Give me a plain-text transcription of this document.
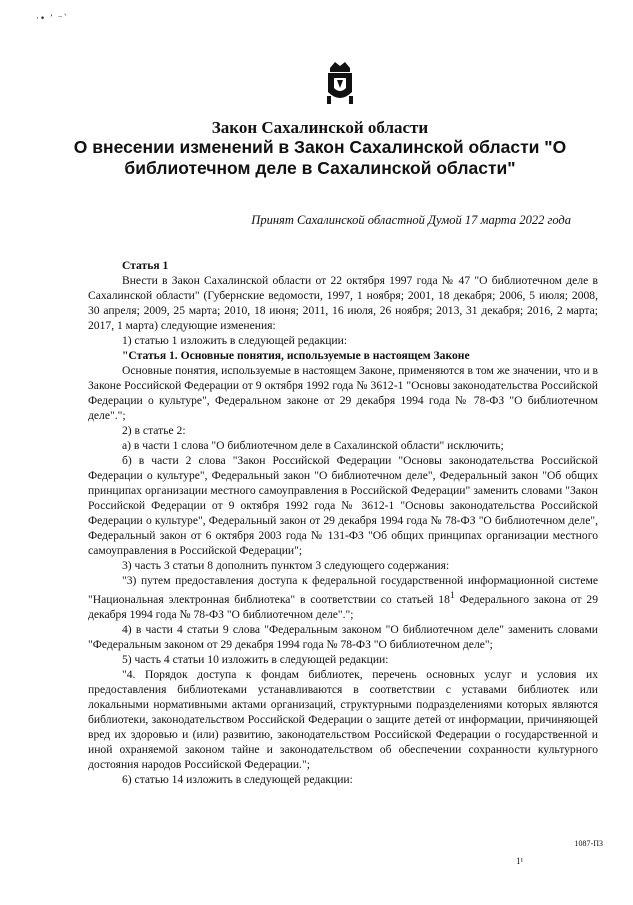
·• ʼ ⁻ˋ
Закон Сахалинской области
О внесении изменений в Закон Сахалинской области "О библиотечном деле в Сахалинской области"
Принят Сахалинской областной Думой 17 марта 2022 года

Статья 1

Внести в Закон Сахалинской области от 22 октября 1997 года № 47 "О библиотечном деле в Сахалинской области" (Губернские ведомости, 1997, 1 ноября; 2001, 18 декабря; 2006, 5 июля; 2008, 30 апреля; 2009, 25 марта; 2010, 18 июня; 2011, 16 июля, 26 ноября; 2013, 31 декабря; 2016, 2 марта; 2017, 1 марта) следующие изменения:

1) статью 1 изложить в следующей редакции:

"Статья 1. Основные понятия, используемые в настоящем Законе

Основные понятия, используемые в настоящем Законе, применяются в том же значении, что и в Законе Российской Федерации от 9 октября 1992 года № 3612-1 "Основы законодательства Российской Федерации о культуре", Федеральном законе от 29 декабря 1994 года № 78-ФЗ "О библиотечном деле".";

2) в статье 2:

а) в части 1 слова "О библиотечном деле в Сахалинской области" исключить;

б) в части 2 слова "Закон Российской Федерации "Основы законодательства Российской Федерации о культуре", Федеральный закон "О библиотечном деле", Федеральный закон "Об общих принципах организации местного самоуправления в Российской Федерации" заменить словами "Закон Российской Федерации от 9 октября 1992 года № 3612-1 "Основы законодательства Российской Федерации о культуре", Федеральный закон от 29 декабря 1994 года № 78-ФЗ "О библиотечном деле", Федеральный закон от 6 октября 2003 года № 131-ФЗ "Об общих принципах организации местного самоуправления в Российской Федерации";

3) часть 3 статьи 8 дополнить пунктом 3 следующего содержания:

"3) путем предоставления доступа к федеральной государственной информационной системе "Национальная электронная библиотека" в соответствии со статьей $18^1$ Федерального закона от 29 декабря 1994 года № 78-ФЗ "О библиотечном деле".";

4) в части 4 статьи 9 слова "Федеральным законом "О библиотечном деле" заменить словами "Федеральным законом от 29 декабря 1994 года № 78-ФЗ "О библиотечном деле";

5) часть 4 статьи 10 изложить в следующей редакции:

"4. Порядок доступа к фондам библиотек, перечень основных услуг и условия их предоставления библиотеками устанавливаются в соответствии с уставами библиотек или локальными нормативными актами организаций, структурными подразделениями которых являются библиотеки, законодательством Российской Федерации о защите детей от информации, причиняющей вред их здоровью и (или) развитию, законодательством Российской Федерации о государственной и иной охраняемой законом тайне и законодательством об обеспечении сохранности культурного достояния народов Российской Федерации.";

6) статью 14 изложить в следующей редакции:

1087-ПЗ
1¹
